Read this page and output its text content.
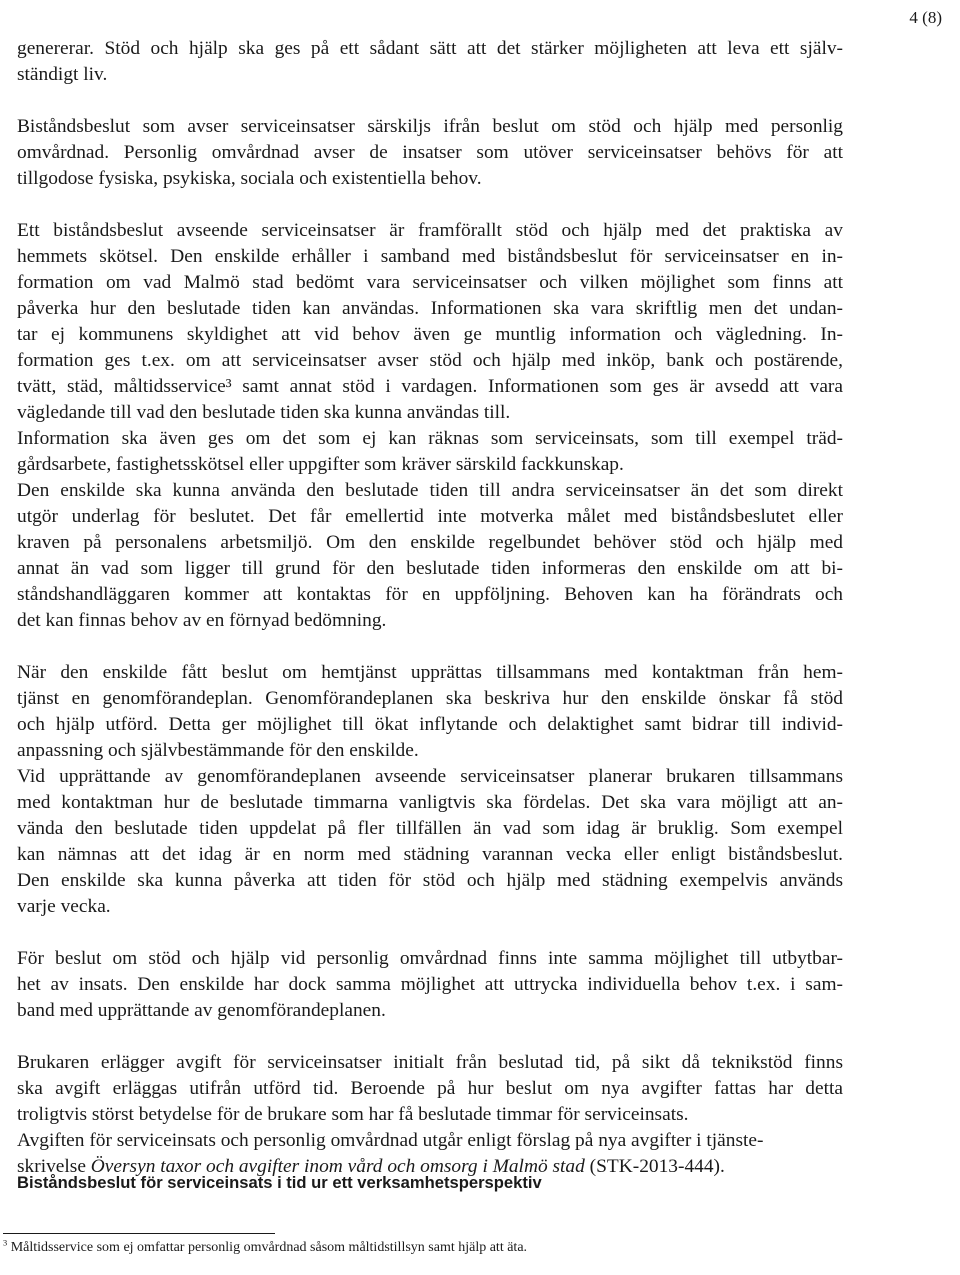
4 (8)

genererar. Stöd och hjälp ska ges på ett sådant sätt att det stärker möjligheten att leva ett själv-
ständigt liv.

Biståndsbeslut som avser serviceinsatser särskiljs ifrån beslut om stöd och hjälp med personlig
omvårdnad. Personlig omvårdnad avser de insatser som utöver serviceinsatser behövs för att
tillgodose fysiska, psykiska, sociala och existentiella behov.

Ett biståndsbeslut avseende serviceinsatser är framförallt stöd och hjälp med det praktiska av
hemmets skötsel. Den enskilde erhåller i samband med biståndsbeslut för serviceinsatser en in-
formation om vad Malmö stad bedömt vara serviceinsatser och vilken möjlighet som finns att
påverka hur den beslutade tiden kan användas. Informationen ska vara skriftlig men det undan-
tar ej kommunens skyldighet att vid behov även ge muntlig information och vägledning. In-
formation ges t.ex. om att serviceinsatser avser stöd och hjälp med inköp, bank och postärende,
tvätt, städ, måltidsservice³ samt annat stöd i vardagen. Informationen som ges är avsedd att vara
vägledande till vad den beslutade tiden ska kunna användas till.

Information ska även ges om det som ej kan räknas som serviceinsats, som till exempel träd-
gårdsarbete, fastighetsskötsel eller uppgifter som kräver särskild fackkunskap.

Den enskilde ska kunna använda den beslutade tiden till andra serviceinsatser än det som direkt
utgör underlag för beslutet. Det får emellertid inte motverka målet med biståndsbeslutet eller
kraven på personalens arbetsmiljö. Om den enskilde regelbundet behöver stöd och hjälp med
annat än vad som ligger till grund för den beslutade tiden informeras den enskilde om att bi-
ståndshandläggaren kommer att kontaktas för en uppföljning. Behoven kan ha förändrats och
det kan finnas behov av en förnyad bedömning.

När den enskilde fått beslut om hemtjänst upprättas tillsammans med kontaktman från hem-
tjänst en genomförandeplan. Genomförandeplanen ska beskriva hur den enskilde önskar få stöd
och hjälp utförd. Detta ger möjlighet till ökat inflytande och delaktighet samt bidrar till individ-
anpassning och självbestämmande för den enskilde.

Vid upprättande av genomförandeplanen avseende serviceinsatser planerar brukaren tillsammans
med kontaktman hur de beslutade timmarna vanligtvis ska fördelas. Det ska vara möjligt att an-
vända den beslutade tiden uppdelat på fler tillfällen än vad som idag är bruklig. Som exempel
kan nämnas att det idag är en norm med städning varannan vecka eller enligt biståndsbeslut.
Den enskilde ska kunna påverka att tiden för stöd och hjälp med städning exempelvis används
varje vecka.

För beslut om stöd och hjälp vid personlig omvårdnad finns inte samma möjlighet till utbytbar-
het av insats. Den enskilde har dock samma möjlighet att uttrycka individuella behov t.ex. i sam-
band med upprättande av genomförandeplanen.

Brukaren erlägger avgift för serviceinsatser initialt från beslutad tid, på sikt då teknikstöd finns
ska avgift erläggas utifrån utförd tid. Beroende på hur beslut om nya avgifter fattas har detta
troligtvis störst betydelse för de brukare som har få beslutade timmar för serviceinsats.

Avgiften för serviceinsats och personlig omvårdnad utgår enligt förslag på nya avgifter i tjänste-

skrivelse Översyn taxor och avgifter inom vård och omsorg i Malmö stad (STK-2013-444).

Biståndsbeslut för serviceinsats i tid ur ett verksamhetsperspektiv
$^3$ Måltidsservice som ej omfattar personlig omvårdnad såsom måltidstillsyn samt hjälp att äta.
